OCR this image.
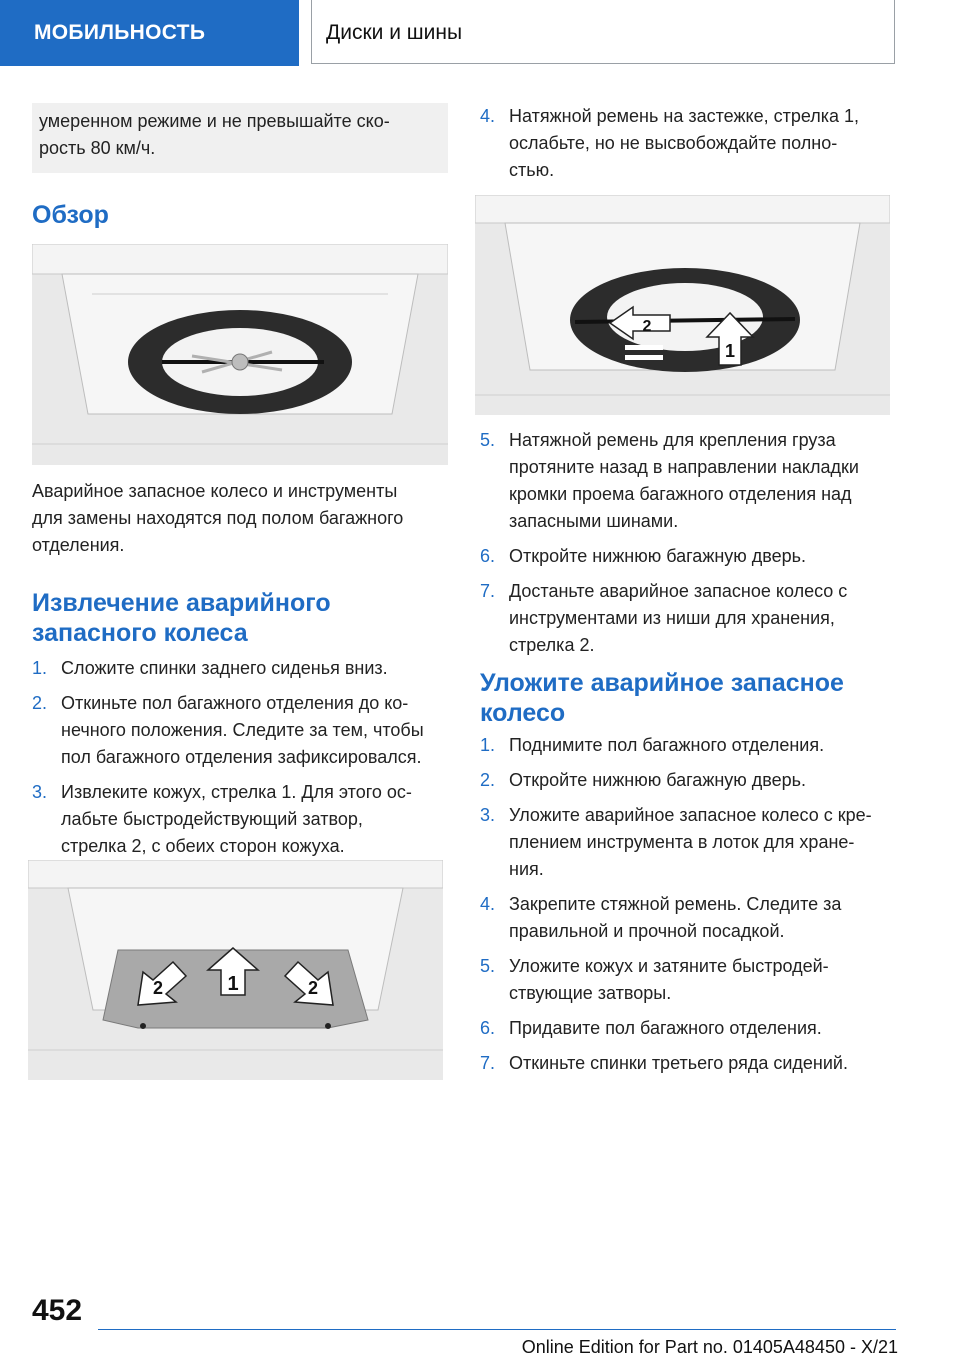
МОБИЛЬНОСТЬ	Диски и шины
умеренном режиме и не превышайте ско-
рость 80 км/ч.
Обзор
Аварийное запасное колесо и инструменты
для замены находятся под полом багажного
отделения.
Извлечение аварийного
запасного колеса
1. Сложите спинки заднего сиденья вниз.
2. Откиньте пол багажного отделения до ко-
нечного положения. Следите за тем, чтобы
пол багажного отделения зафиксировался.
3. Извлеките кожух, стрелка 1. Для этого ос-
лабьте быстродействующий затвор,
стрелка 2, с обеих сторон кожуха.
1
2	2
4. Натяжной ремень на застежке, стрелка 1,
ослабьте, но не высвобождайте полно-
стью.
2
1
5. Натяжной ремень для крепления груза
протяните назад в направлении накладки
кромки проема багажного отделения над
запасными шинами.
6. Откройте нижнюю багажную дверь.
7. Достаньте аварийное запасное колесо с
инструментами из ниши для хранения,
стрелка 2.
Уложите аварийное запасное
колесо
1. Поднимите пол багажного отделения.
2. Откройте нижнюю багажную дверь.
3. Уложите аварийное запасное колесо с кре-
плением инструмента в лоток для хране-
ния.
4. Закрепите стяжной ремень. Следите за
правильной и прочной посадкой.
5. Уложите кожух и затяните быстродей-
ствующие затворы.
6. Придавите пол багажного отделения.
7. Откиньте спинки третьего ряда сидений.
452
Online Edition for Part no. 01405A48450 - X/21
